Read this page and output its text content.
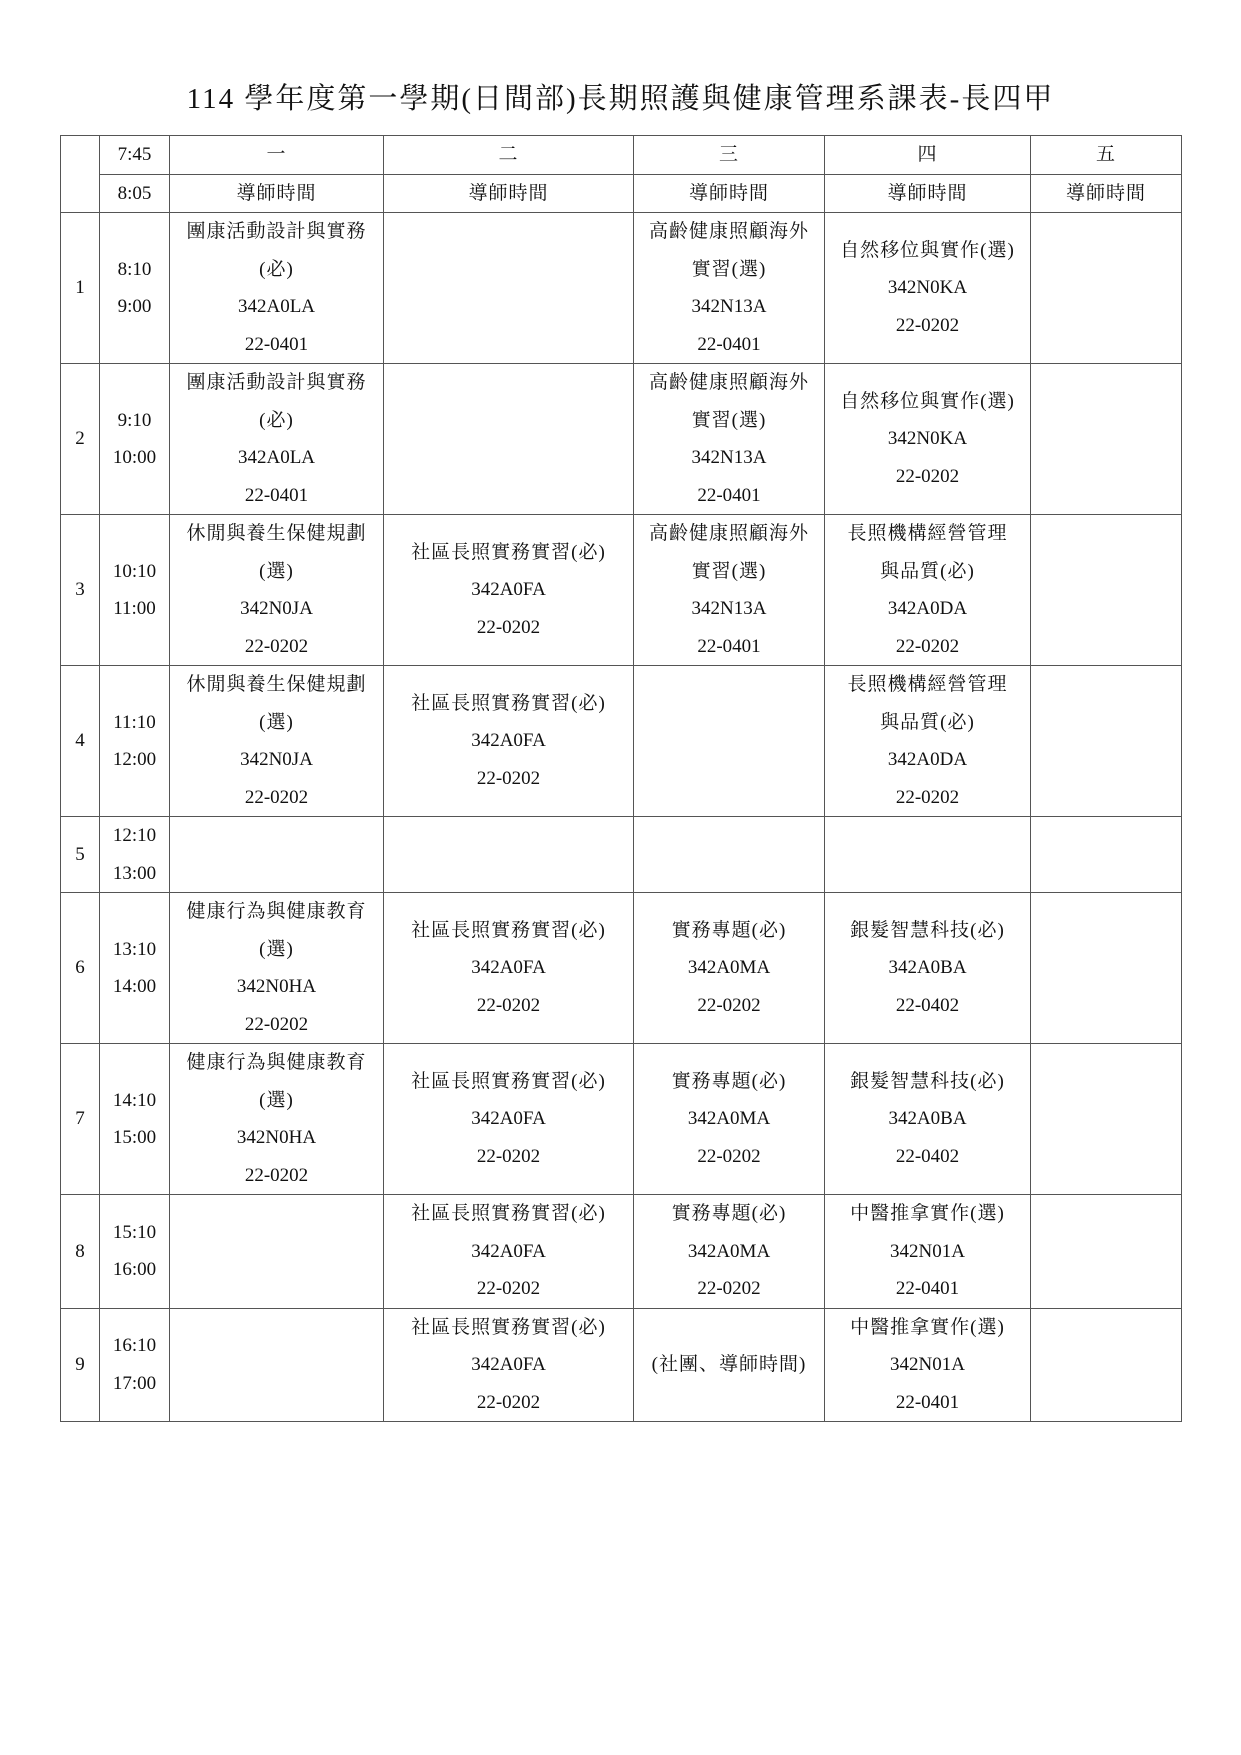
114 學年度第一學期(日間部)長期照護與健康管理系課表-長四甲
	7:45	一	二	三	四	五
	8:05	導師時間	導師時間	導師時間	導師時間	導師時間
1	8:10
9:00	團康活動設計與實務
(必)
342A0LA
22-0401		高齡健康照顧海外
實習(選)
342N13A
22-0401	自然移位與實作(選)
342N0KA
22-0202	

2	9:10
10:00	團康活動設計與實務
(必)
342A0LA
22-0401		高齡健康照顧海外
實習(選)
342N13A
22-0401	自然移位與實作(選)
342N0KA
22-0202	

3	10:10
11:00	休閒與養生保健規劃
(選)
342N0JA
22-0202	社區長照實務實習(必)
342A0FA
22-0202	高齡健康照顧海外
實習(選)
342N13A
22-0401	長照機構經營管理
與品質(必)
342A0DA
22-0202	

4	11:10
12:00	休閒與養生保健規劃
(選)
342N0JA
22-0202	社區長照實務實習(必)
342A0FA
22-0202		長照機構經營管理
與品質(必)
342A0DA
22-0202	

5	12:10
13:00					

6	13:10
14:00	健康行為與健康教育
(選)
342N0HA
22-0202	社區長照實務實習(必)
342A0FA
22-0202	實務專題(必)
342A0MA
22-0202	銀髮智慧科技(必)
342A0BA
22-0402	

7	14:10
15:00	健康行為與健康教育
(選)
342N0HA
22-0202	社區長照實務實習(必)
342A0FA
22-0202	實務專題(必)
342A0MA
22-0202	銀髮智慧科技(必)
342A0BA
22-0402	

8	15:10
16:00		社區長照實務實習(必)
342A0FA
22-0202	實務專題(必)
342A0MA
22-0202	中醫推拿實作(選)
342N01A
22-0401	

9	16:10
17:00		社區長照實務實習(必)
342A0FA
22-0202	(社團、導師時間)	中醫推拿實作(選)
342N01A
22-0401	
